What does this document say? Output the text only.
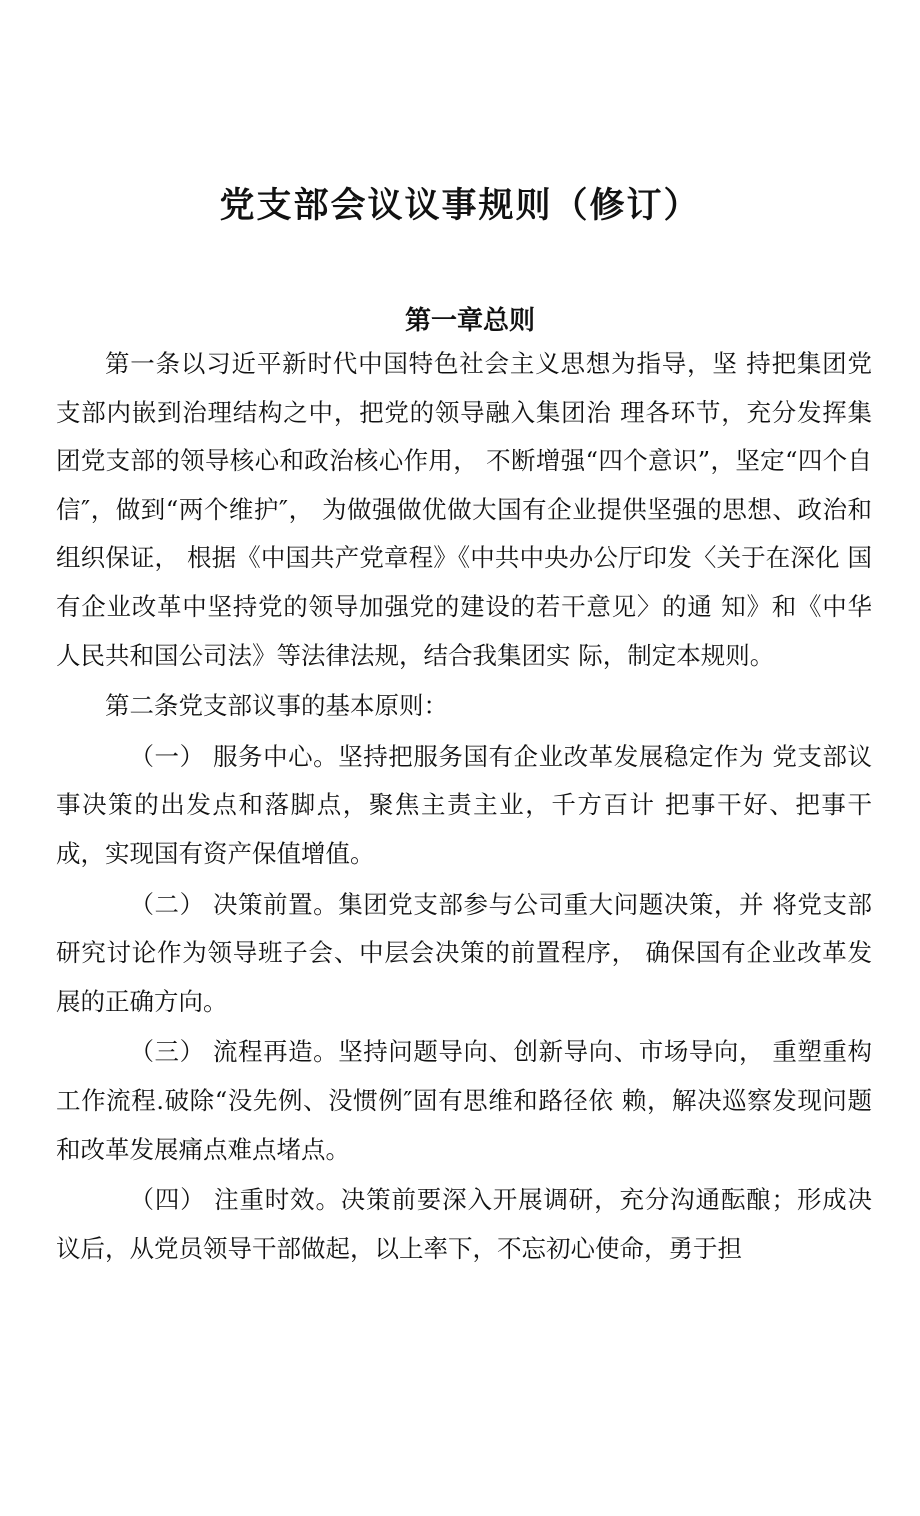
党支部会议议事规则（修订）
第一章总则

第一条以习近平新时代中国特色社会主义思想为指导，坚 持把集团党支部内嵌到治理结构之中，把党的领导融入集团治 理各环节，充分发挥集团党支部的领导核心和政治核心作用， 不断增强“四个意识”，坚定“四个自信″，做到“两个维护″， 为做强做优做大国有企业提供坚强的思想、政治和组织保证， 根据《中国共产党章程》《中共中央办公厅印发〈关于在深化 国有企业改革中坚持党的领导加强党的建设的若干意见〉的通 知》和《中华人民共和国公司法》等法律法规，结合我集团实 际，制定本规则。

第二条党支部议事的基本原则：

（一） 服务中心。坚持把服务国有企业改革发展稳定作为 党支部议事决策的出发点和落脚点，聚焦主责主业，千方百计 把事干好、把事干成，实现国有资产保值增值。

（二） 决策前置。集团党支部参与公司重大问题决策，并 将党支部研究讨论作为领导班子会、中层会决策的前置程序， 确保国有企业改革发展的正确方向。

（三） 流程再造。坚持问题导向、创新导向、市场导向， 重塑重构工作流程.破除“没先例、没惯例″固有思维和路径依 赖，解决巡察发现问题和改革发展痛点难点堵点。

（四） 注重时效。决策前要深入开展调研，充分沟通酝酿；形成决议后，从党员领导干部做起，以上率下，不忘初心使命，勇于担
